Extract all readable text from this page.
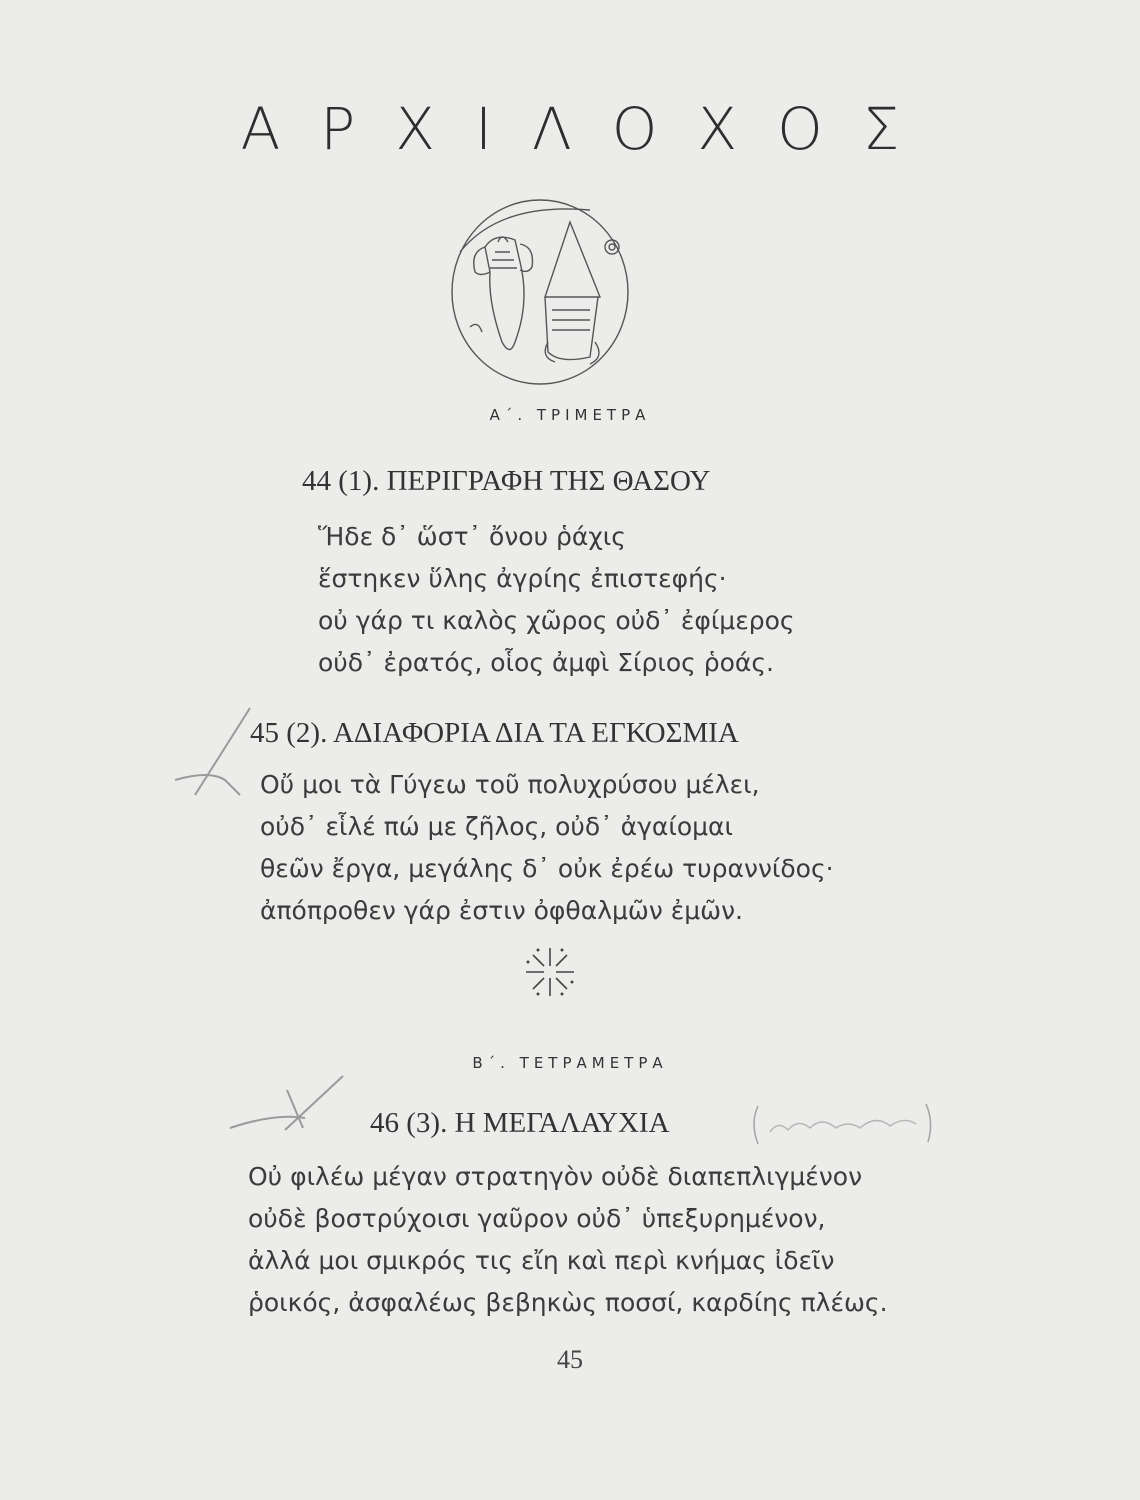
ΑΡΧΙΛΟΧΟΣ
Α΄. ΤΡΙΜΕΤΡΑ
44 (1). ΠΕΡΙΓΡΑΦΗ ΤΗΣ ΘΑΣΟΥ
Ἥδε δ᾿ ὥστ᾿ ὄνου ῥάχις
ἕστηκεν ὕλης ἀγρίης ἐπιστεφής·
οὐ γάρ τι καλὸς χῶρος οὐδ᾿ ἐφίμερος
οὐδ᾿ ἐρατός, οἷος ἀμφὶ Σίριος ῥοάς.
45 (2). ΑΔΙΑΦΟΡΙΑ ΔΙΑ ΤΑ ΕΓΚΟΣΜΙΑ
Οὔ μοι τὰ Γύγεω τοῦ πολυχρύσου μέλει,
οὐδ᾿ εἷλέ πώ με ζῆλος, οὐδ᾿ ἀγαίομαι
θεῶν ἔργα, μεγάλης δ᾿ οὐκ ἐρέω τυραννίδος·
ἀπόπροθεν γάρ ἐστιν ὀφθαλμῶν ἐμῶν.
Β΄. ΤΕΤΡΑΜΕΤΡΑ
46 (3). Η ΜΕΓΑΛΑΥΧΙΑ
Οὐ φιλέω μέγαν στρατηγὸν οὐδὲ διαπεπλιγμένον
οὐδὲ βοστρύχοισι γαῦρον οὐδ᾿ ὑπεξυρημένον,
ἀλλά μοι σμικρός τις εἴη καὶ περὶ κνήμας ἰδεῖν
ῥοικός, ἀσφαλέως βεβηκὼς ποσσί, καρδίης πλέως.
45
